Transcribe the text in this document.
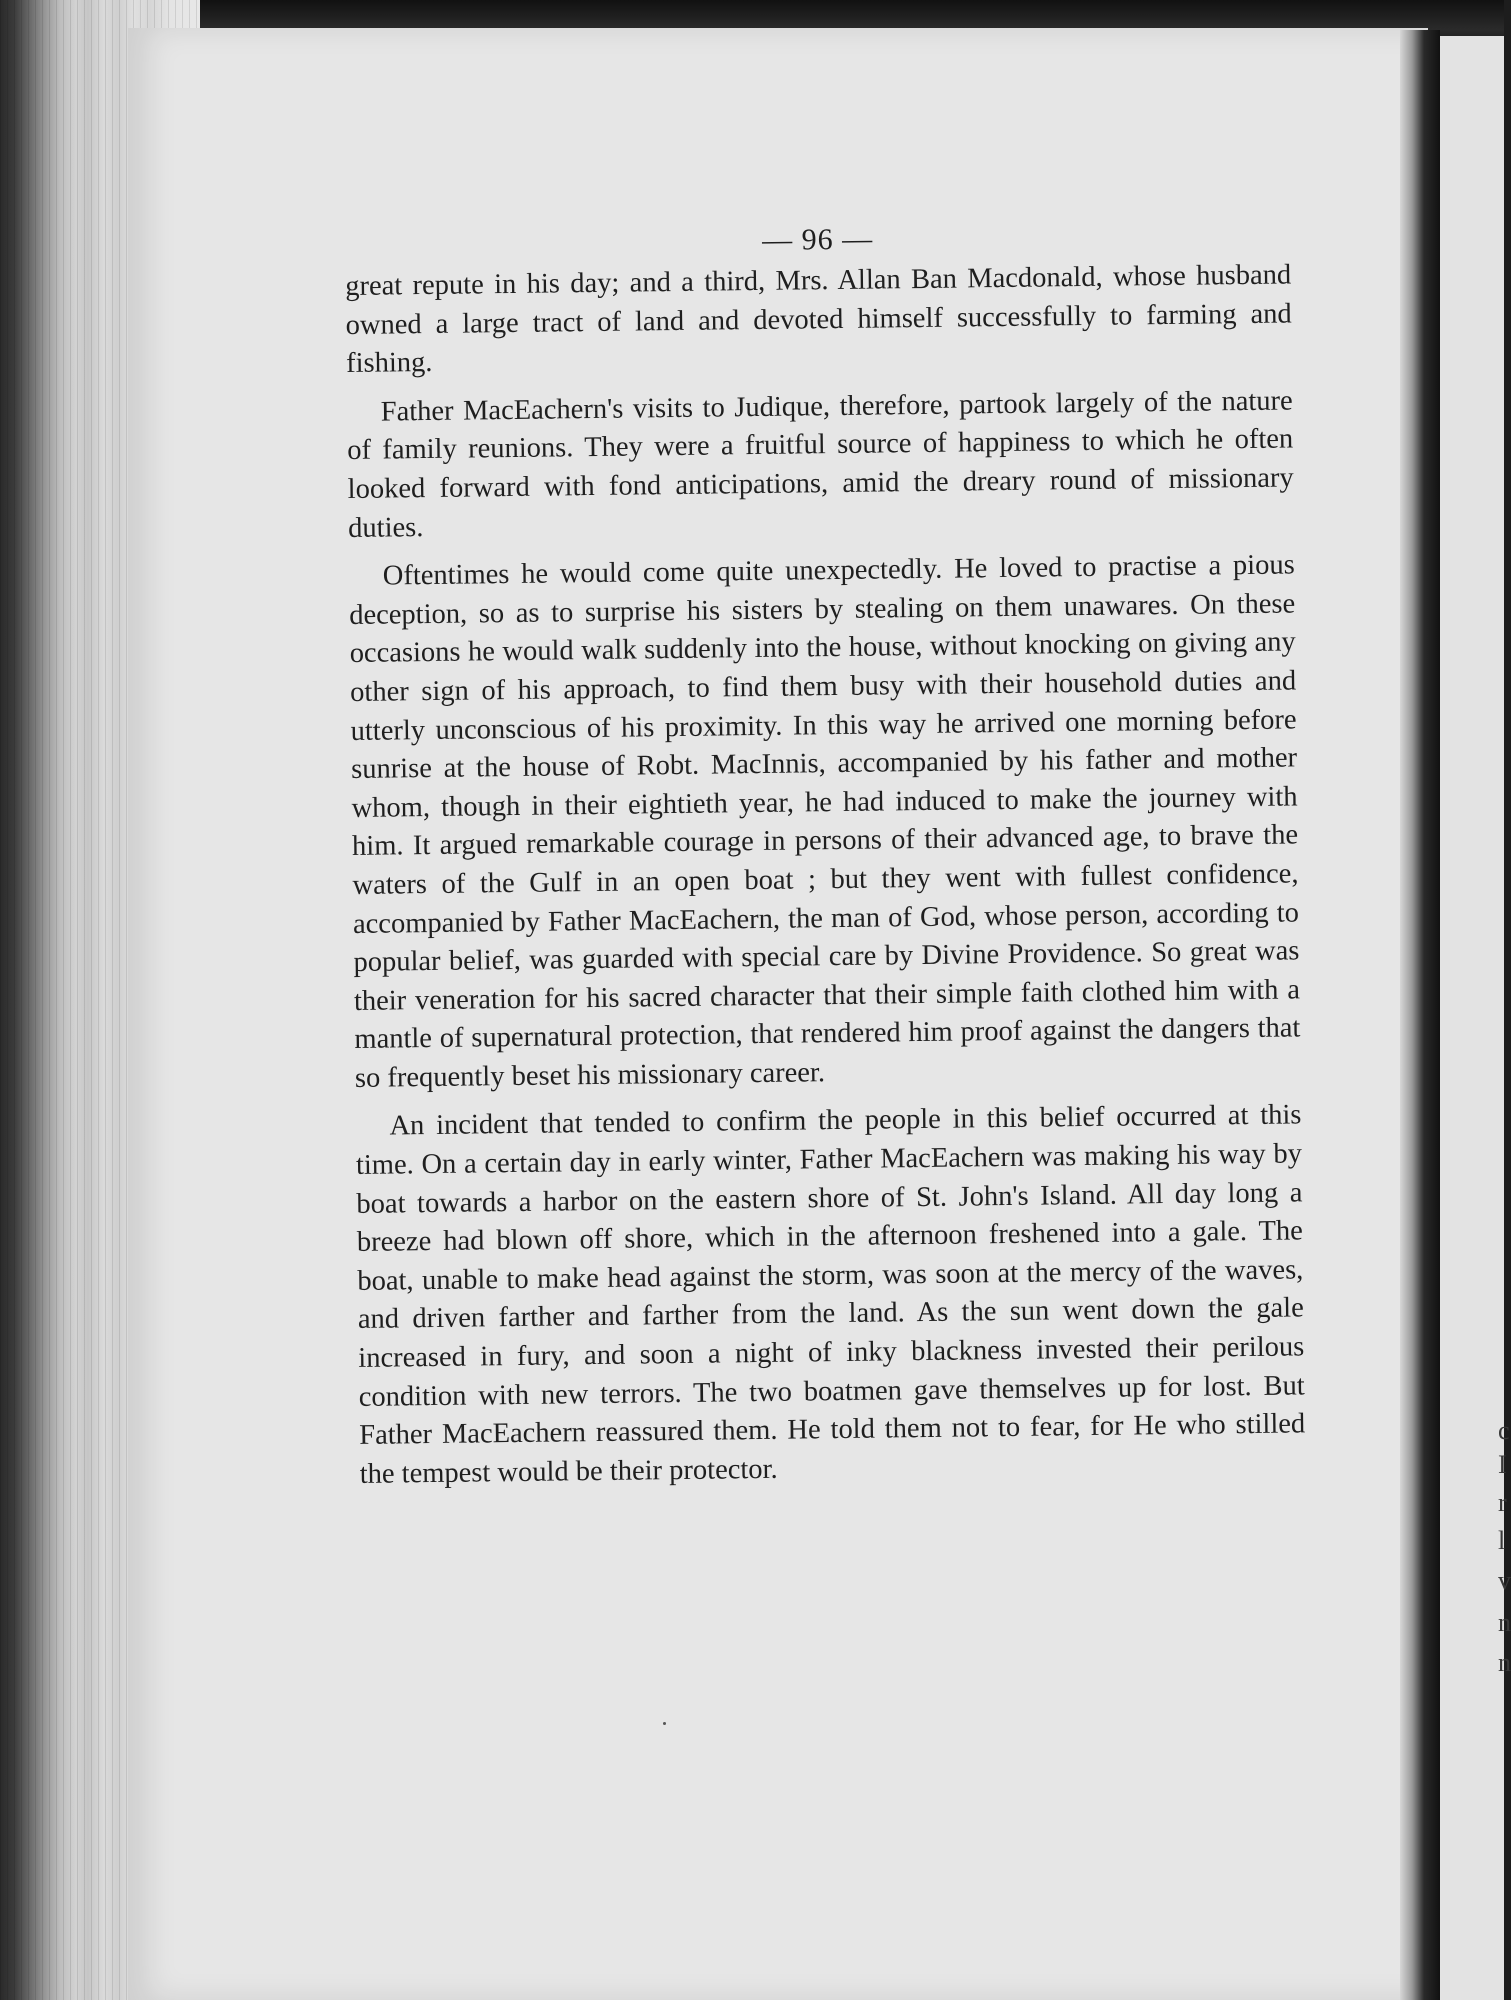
c
I
r
l
v
n
n
— 96 —

great repute in his day; and a third, Mrs. Allan Ban Macdonald, whose husband owned a large tract of land and devoted himself successfully to farming and fishing.

Father MacEachern's visits to Judique, therefore, partook largely of the nature of family reunions. They were a fruitful source of happiness to which he often looked forward with fond anticipations, amid the dreary round of missionary duties.

Oftentimes he would come quite unexpectedly. He loved to practise a pious deception, so as to surprise his sisters by stealing on them unawares. On these occasions he would walk suddenly into the house, without knocking on giving any other sign of his approach, to find them busy with their household duties and utterly unconscious of his proximity. In this way he arrived one morning before sunrise at the house of Robt. MacInnis, accompanied by his father and mother whom, though in their eightieth year, he had induced to make the journey with him. It argued remarkable courage in persons of their advanced age, to brave the waters of the Gulf in an open boat ; but they went with fullest confidence, accompanied by Father MacEachern, the man of God, whose person, according to popular belief, was guarded with special care by Divine Providence. So great was their veneration for his sacred character that their simple faith clothed him with a mantle of supernatural protection, that rendered him proof against the dangers that so frequently beset his missionary career.

An incident that tended to confirm the people in this belief occurred at this time. On a certain day in early winter, Father MacEachern was making his way by boat towards a harbor on the eastern shore of St. John's Island. All day long a breeze had blown off shore, which in the afternoon freshened into a gale. The boat, unable to make head against the storm, was soon at the mercy of the waves, and driven farther and farther from the land. As the sun went down the gale increased in fury, and soon a night of inky blackness invested their perilous condition with new terrors. The two boatmen gave themselves up for lost. But Father MacEachern reassured them. He told them not to fear, for He who stilled the tempest would be their protector.
